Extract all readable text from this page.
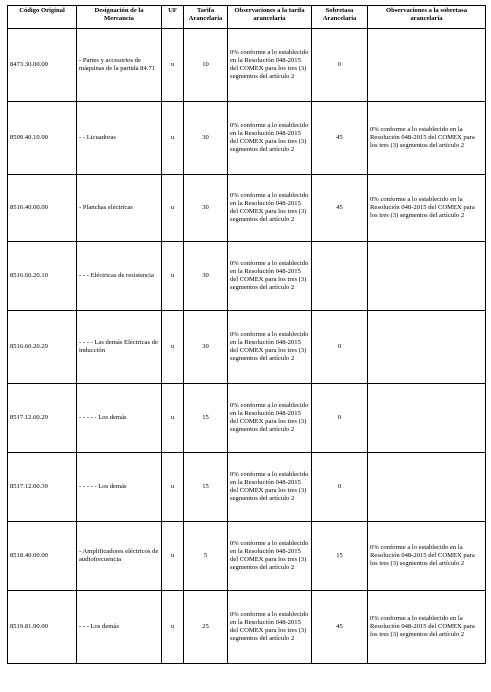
Código Original	Designación de la Mercancía	UF	Tarifa Arancelaria	Observaciones a la tarifa arancelaria	Sobretasa Arancelaria	Observaciones a la sobretasa arancelaria
8473.30.00.00	- Partes y accesorios de máquinas de la partida 84.71	u	10	0% conforme a lo establecido en la Resolución 048-2015 del COMEX para los tres (3) segmentos del artículo 2	0	
8509.40.10.00	- - Licuadoras	u	30	0% conforme a lo establecido en la Resolución 048-2015 del COMEX para los tres (3) segmentos del artículo 2	45	0% conforme a lo establecido en la Resolución 048-2015 del COMEX para los tres (3) segmentos del artículo 2
8516.40.00.00	- Planchas eléctricas	u	30	0% conforme a lo establecido en la Resolución 048-2015 del COMEX para los tres (3) segmentos del artículo 2	45	0% conforme a lo establecido en la Resolución 048-2015 del COMEX para los tres (3) segmentos del artículo 2
8516.60.20.10	- - - Eléctricas de resistencia	u	30	0% conforme a lo establecido en la Resolución 048-2015 del COMEX para los tres (3) segmentos del artículo 2		
8516.60.20.29	- - - - Las demás Eléctricas de inducción	u	30	0% conforme a lo establecido en la Resolución 048-2015 del COMEX para los tres (3) segmentos del artículo 2	0	
8517.12.00.29	- - - - - Los demás	u	15	0% conforme a lo establecido en la Resolución 048-2015 del COMEX para los tres (3) segmentos del artículo 2	0	
8517.12.00.39	- - - - - Los demás	u	15	0% conforme a lo establecido en la Resolución 048-2015 del COMEX para los tres (3) segmentos del artículo 2	0	
8518.40.00.00	- Amplificadores eléctricos de audiofrecuencia	u	5	0% conforme a lo establecido en la Resolución 048-2015 del COMEX para los tres (3) segmentos del artículo 2	15	0% conforme a lo establecido en la Resolución 048-2015 del COMEX para los tres (3) segmentos del artículo 2
8519.81.90.00	- - - Los demás	u	25	0% conforme a lo establecido en la Resolución 048-2015 del COMEX para los tres (3) segmentos del artículo 2	45	0% conforme a lo establecido en la Resolución 048-2015 del COMEX para los tres (3) segmentos del artículo 2
